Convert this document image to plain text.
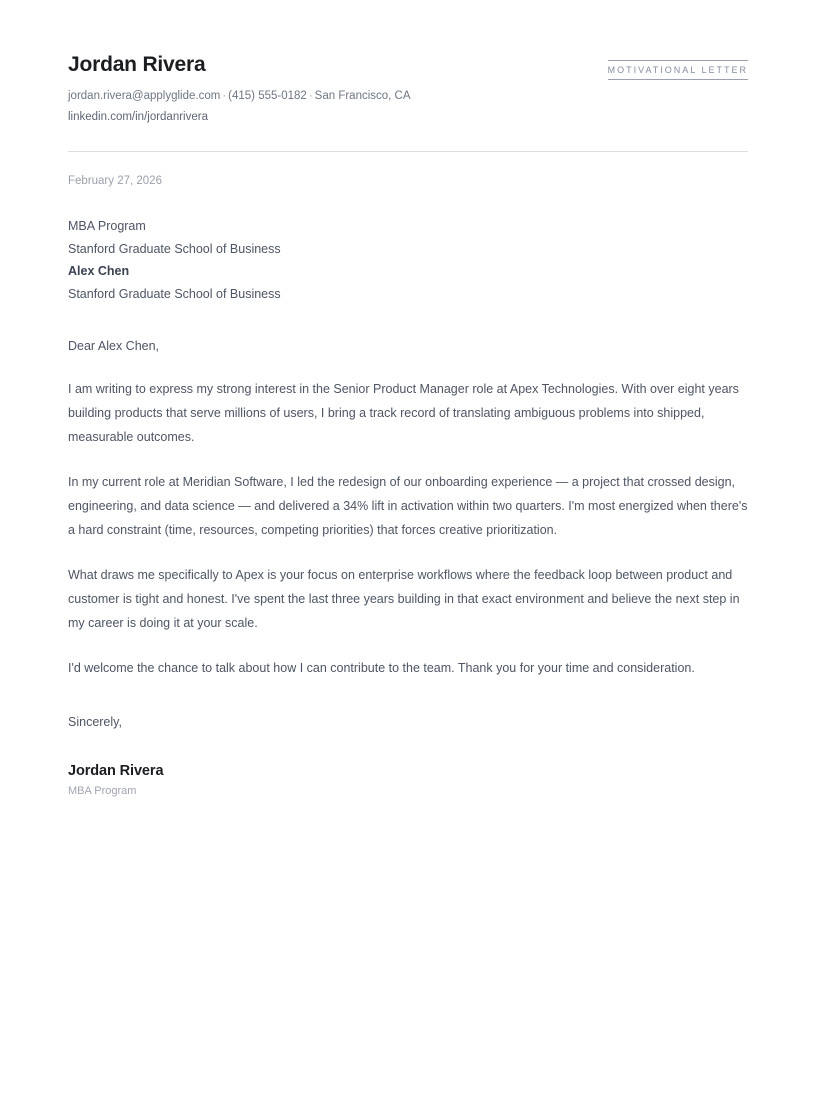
Jordan Rivera
jordan.rivera@applyglide.com · (415) 555-0182 · San Francisco, CA
linkedin.com/in/jordanrivera
MOTIVATIONAL LETTER
February 27, 2026
MBA Program
Stanford Graduate School of Business
Alex Chen
Stanford Graduate School of Business
Dear Alex Chen,
I am writing to express my strong interest in the Senior Product Manager role at Apex Technologies. With over eight years building products that serve millions of users, I bring a track record of translating ambiguous problems into shipped, measurable outcomes.
In my current role at Meridian Software, I led the redesign of our onboarding experience — a project that crossed design, engineering, and data science — and delivered a 34% lift in activation within two quarters. I'm most energized when there's a hard constraint (time, resources, competing priorities) that forces creative prioritization.
What draws me specifically to Apex is your focus on enterprise workflows where the feedback loop between product and customer is tight and honest. I've spent the last three years building in that exact environment and believe the next step in my career is doing it at your scale.
I'd welcome the chance to talk about how I can contribute to the team. Thank you for your time and consideration.
Sincerely,
Jordan Rivera
MBA Program
